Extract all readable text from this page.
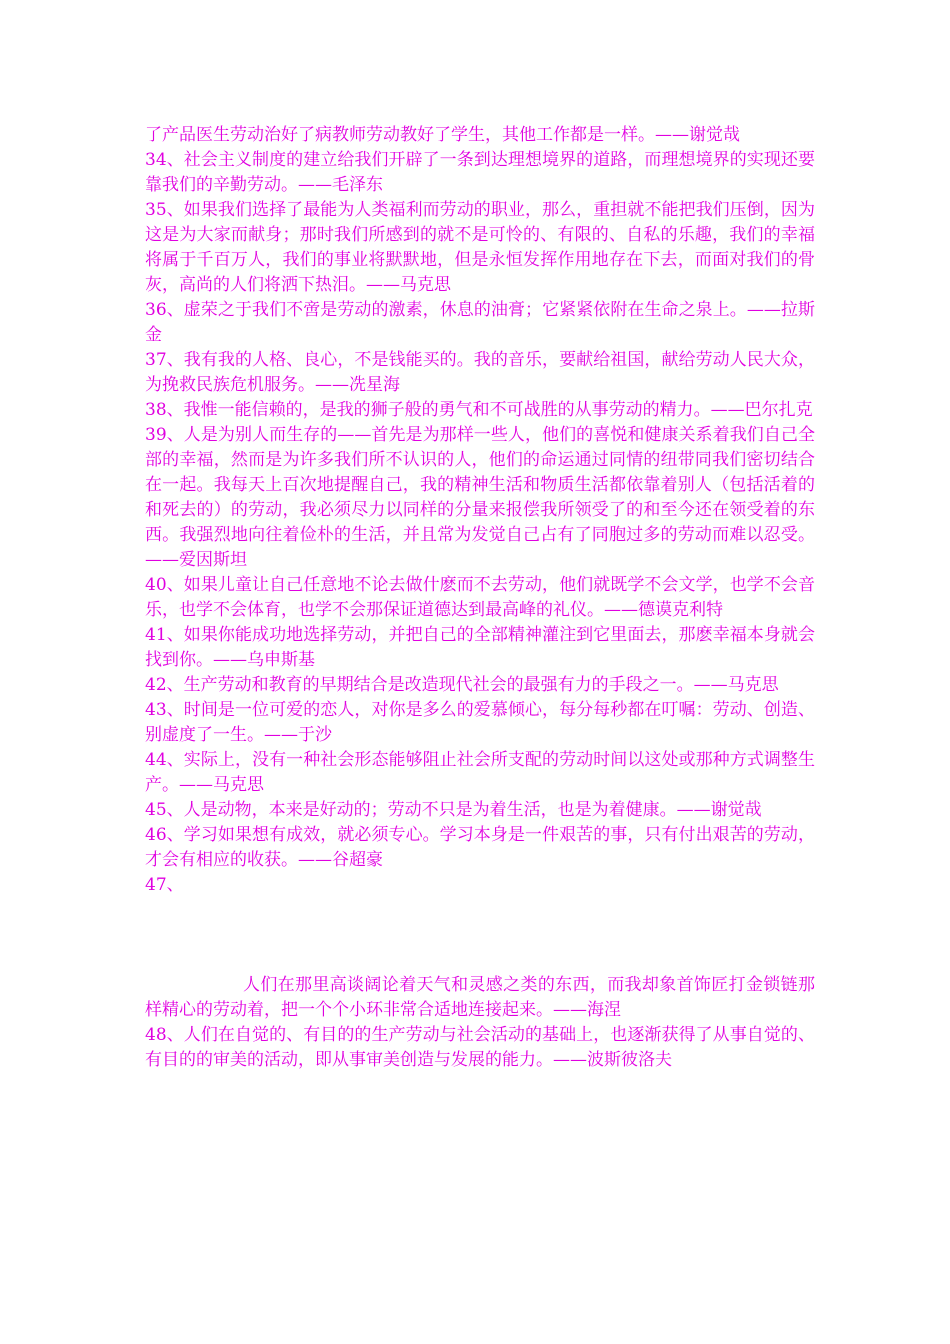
了产品医生劳动治好了病教师劳动教好了学生，其他工作都是一样。——谢觉哉

34、社会主义制度的建立给我们开辟了一条到达理想境界的道路，而理想境界的实现还要靠我们的辛勤劳动。——毛泽东

35、如果我们选择了最能为人类福利而劳动的职业，那么，重担就不能把我们压倒，因为这是为大家而献身；那时我们所感到的就不是可怜的、有限的、自私的乐趣，我们的幸福将属于千百万人，我们的事业将默默地，但是永恒发挥作用地存在下去，而面对我们的骨灰，高尚的人们将洒下热泪。——马克思

36、虚荣之于我们不啻是劳动的激素，休息的油膏；它紧紧依附在生命之泉上。——拉斯金

37、我有我的人格、良心，不是钱能买的。我的音乐，要献给祖国，献给劳动人民大众，为挽救民族危机服务。——冼星海

38、我惟一能信赖的，是我的狮子般的勇气和不可战胜的从事劳动的精力。——巴尔扎克

39、人是为别人而生存的——首先是为那样一些人，他们的喜悦和健康关系着我们自己全部的幸福，然而是为许多我们所不认识的人，他们的命运通过同情的纽带同我们密切结合在一起。我每天上百次地提醒自己，我的精神生活和物质生活都依靠着别人（包括活着的和死去的）的劳动，我必须尽力以同样的分量来报偿我所领受了的和至今还在领受着的东西。我强烈地向往着俭朴的生活，并且常为发觉自己占有了同胞过多的劳动而难以忍受。——爱因斯坦

40、如果儿童让自己任意地不论去做什麽而不去劳动，他们就既学不会文学，也学不会音乐，也学不会体育，也学不会那保证道德达到最高峰的礼仪。——德谟克利特

41、如果你能成功地选择劳动，并把自己的全部精神灌注到它里面去，那麽幸福本身就会找到你。——乌申斯基

42、生产劳动和教育的早期结合是改造现代社会的最强有力的手段之一。——马克思

43、时间是一位可爱的恋人，对你是多么的爱慕倾心，每分每秒都在叮嘱：劳动、创造、别虚度了一生。——于沙

44、实际上，没有一种社会形态能够阻止社会所支配的劳动时间以这处或那种方式调整生产。——马克思

45、人是动物，本来是好动的；劳动不只是为着生活，也是为着健康。——谢觉哉

46、学习如果想有成效，就必须专心。学习本身是一件艰苦的事，只有付出艰苦的劳动，才会有相应的收获。——谷超豪

47、

人们在那里高谈阔论着天气和灵感之类的东西，而我却象首饰匠打金锁链那样精心的劳动着，把一个个小环非常合适地连接起来。——海涅

48、人们在自觉的、有目的的生产劳动与社会活动的基础上，也逐渐获得了从事自觉的、有目的的审美的活动，即从事审美创造与发展的能力。——波斯彼洛夫
